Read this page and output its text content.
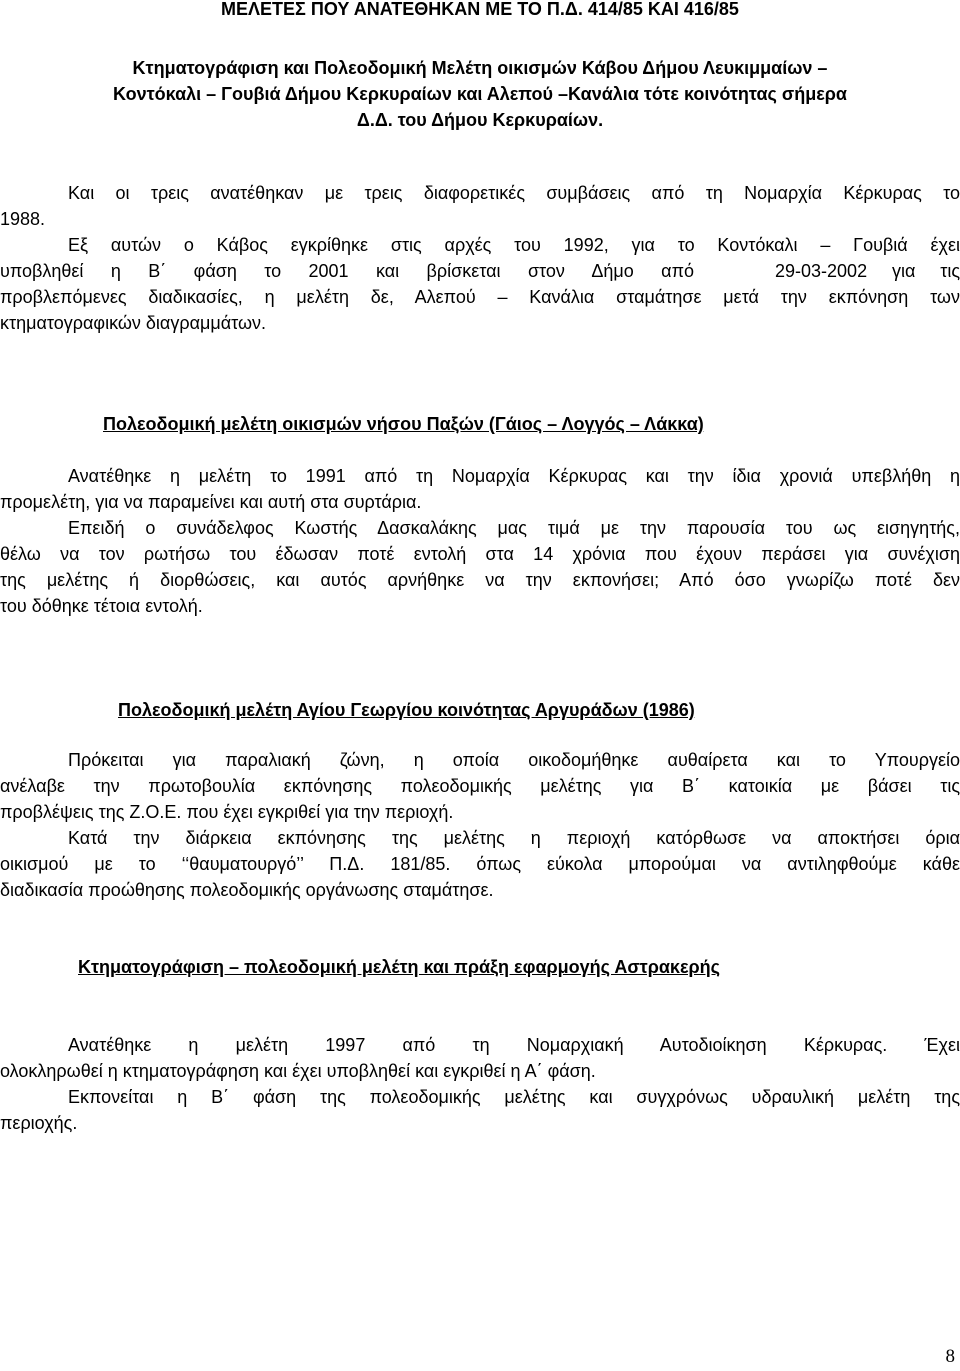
ΜΕΛΕΤΕΣ ΠΟΥ ΑΝΑΤΕΘΗΚΑΝ ΜΕ ΤΟ Π.Δ. 414/85 ΚΑΙ 416/85
Κτηματογράφιση και Πολεοδομική Μελέτη οικισμών Κάβου Δήμου Λευκιμμαίων –
Κοντόκαλι – Γουβιά Δήμου Κερκυραίων και Αλεπού –Κανάλια τότε κοινότητας σήμερα
Δ.Δ. του Δήμου Κερκυραίων.
Και οι τρεις ανατέθηκαν με τρεις διαφορετικές συμβάσεις από τη Νομαρχία Κέρκυρας το
1988.
Εξ αυτών ο Κάβος εγκρίθηκε στις αρχές του 1992, για το Κοντόκαλι – Γουβιά έχει
υποβληθεί η Β΄ φάση το 2001 και βρίσκεται στον Δήμο από	29-03-2002 για τις
προβλεπόμενες διαδικασίες, η μελέτη δε, Αλεπού – Κανάλια σταμάτησε μετά την εκπόνηση των
κτηματογραφικών διαγραμμάτων.
Πολεοδομική μελέτη οικισμών νήσου Παξών (Γάιος – Λογγός – Λάκκα)
Ανατέθηκε η μελέτη το 1991 από τη Νομαρχία Κέρκυρας και την ίδια χρονιά υπεβλήθη η
προμελέτη, για να παραμείνει και αυτή στα συρτάρια.
Επειδή ο συνάδελφος Κωστής Δασκαλάκης μας τιμά με την παρουσία του ως εισηγητής,
θέλω να τον ρωτήσω του έδωσαν ποτέ εντολή στα 14 χρόνια που έχουν περάσει για συνέχιση
της μελέτης ή διορθώσεις, και αυτός αρνήθηκε να την εκπονήσει; Από όσο γνωρίζω ποτέ δεν
του δόθηκε τέτοια εντολή.
Πολεοδομική μελέτη Αγίου Γεωργίου κοινότητας Αργυράδων (1986)
Πρόκειται για παραλιακή ζώνη, η οποία οικοδομήθηκε αυθαίρετα και το Υπουργείο
ανέλαβε την πρωτοβουλία εκπόνησης πολεοδομικής μελέτης για Β΄ κατοικία με βάσει τις
προβλέψεις της Ζ.Ο.Ε. που έχει εγκριθεί για την περιοχή.
Κατά την διάρκεια εκπόνησης της μελέτης η περιοχή κατόρθωσε να αποκτήσει όρια
οικισμού με το ‘‘θαυματουργό’’ Π.Δ. 181/85. όπως εύκολα μπορούμαι να αντιληφθούμε κάθε
διαδικασία προώθησης πολεοδομικής οργάνωσης σταμάτησε.
Κτηματογράφιση – πολεοδομική μελέτη και πράξη εφαρμογής Αστρακερής
Ανατέθηκε η μελέτη 1997 από τη Νομαρχιακή Αυτοδιοίκηση Κέρκυρας. Έχει
ολοκληρωθεί η κτηματογράφηση και έχει υποβληθεί και εγκριθεί η Α΄ φάση.
Εκπονείται η Β΄ φάση της πολεοδομικής μελέτης και συγχρόνως υδραυλική μελέτη της
περιοχής.
8
